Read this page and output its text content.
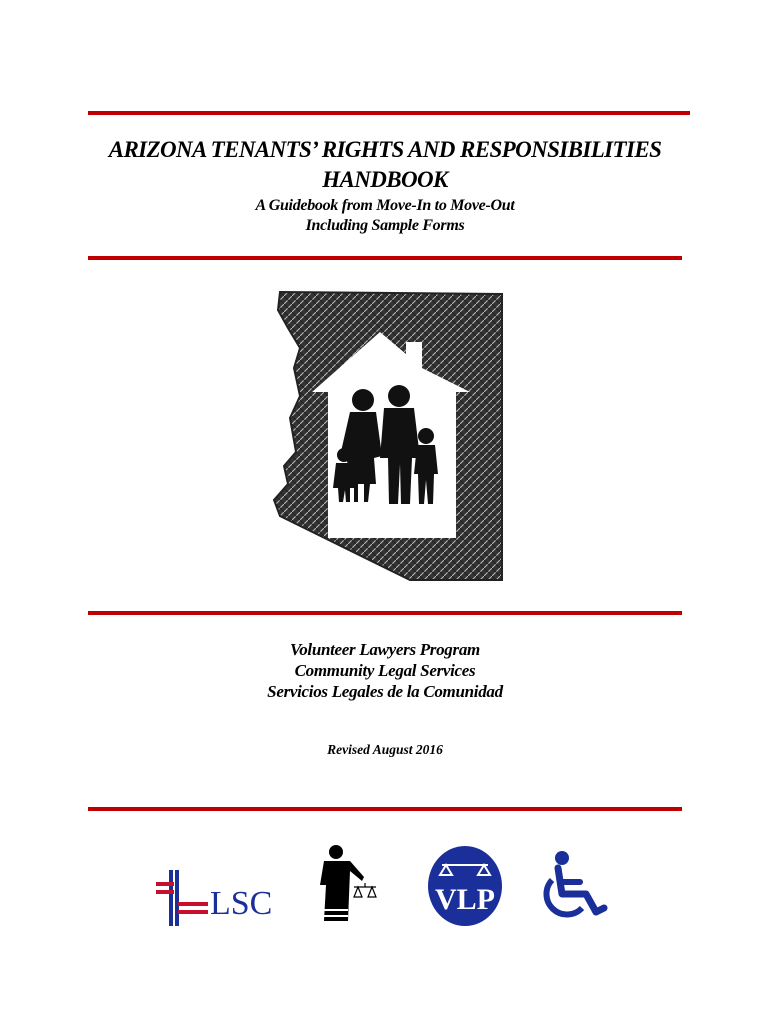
ARIZONA TENANTS’ RIGHTS AND RESPONSIBILITIES
HANDBOOK
A Guidebook from Move-In to Move-Out
Including Sample Forms
Volunteer Lawyers Program
Community Legal Services
Servicios Legales de la Comunidad
Revised August 2016
LSC	VLP
